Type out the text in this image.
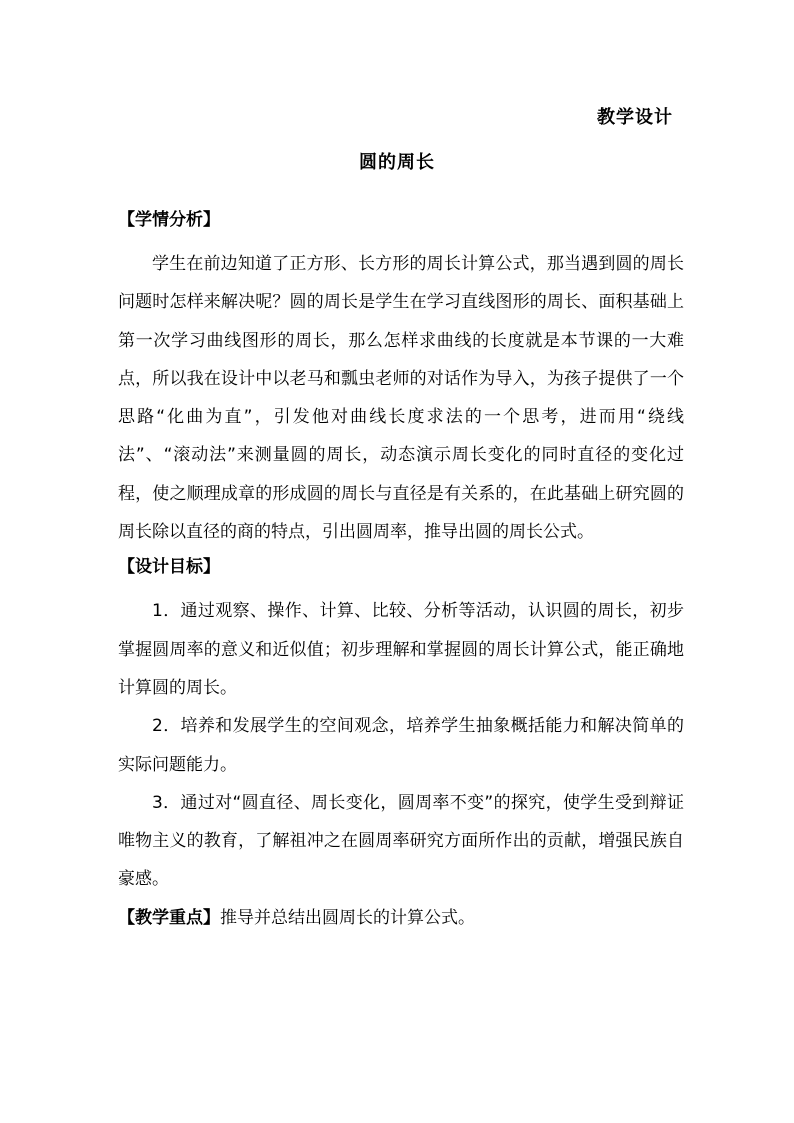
教学设计
圆的周长
【学情分析】

学生在前边知道了正方形、长方形的周长计算公式，那当遇到圆的周长问题时怎样来解决呢？圆的周长是学生在学习直线图形的周长、面积基础上第一次学习曲线图形的周长，那么怎样求曲线的长度就是本节课的一大难点，所以我在设计中以老马和瓢虫老师的对话作为导入，为孩子提供了一个思路“化曲为直”，引发他对曲线长度求法的一个思考，进而用“绕线法”、“滚动法”来测量圆的周长，动态演示周长变化的同时直径的变化过程，使之顺理成章的形成圆的周长与直径是有关系的，在此基础上研究圆的周长除以直径的商的特点，引出圆周率，推导出圆的周长公式。

【设计目标】

1．通过观察、操作、计算、比较、分析等活动，认识圆的周长，初步掌握圆周率的意义和近似值；初步理解和掌握圆的周长计算公式，能正确地计算圆的周长。

2．培养和发展学生的空间观念，培养学生抽象概括能力和解决简单的实际问题能力。

3．通过对“圆直径、周长变化，圆周率不变”的探究，使学生受到辩证唯物主义的教育，了解祖冲之在圆周率研究方面所作出的贡献，增强民族自豪感。

【教学重点】推导并总结出圆周长的计算公式。
